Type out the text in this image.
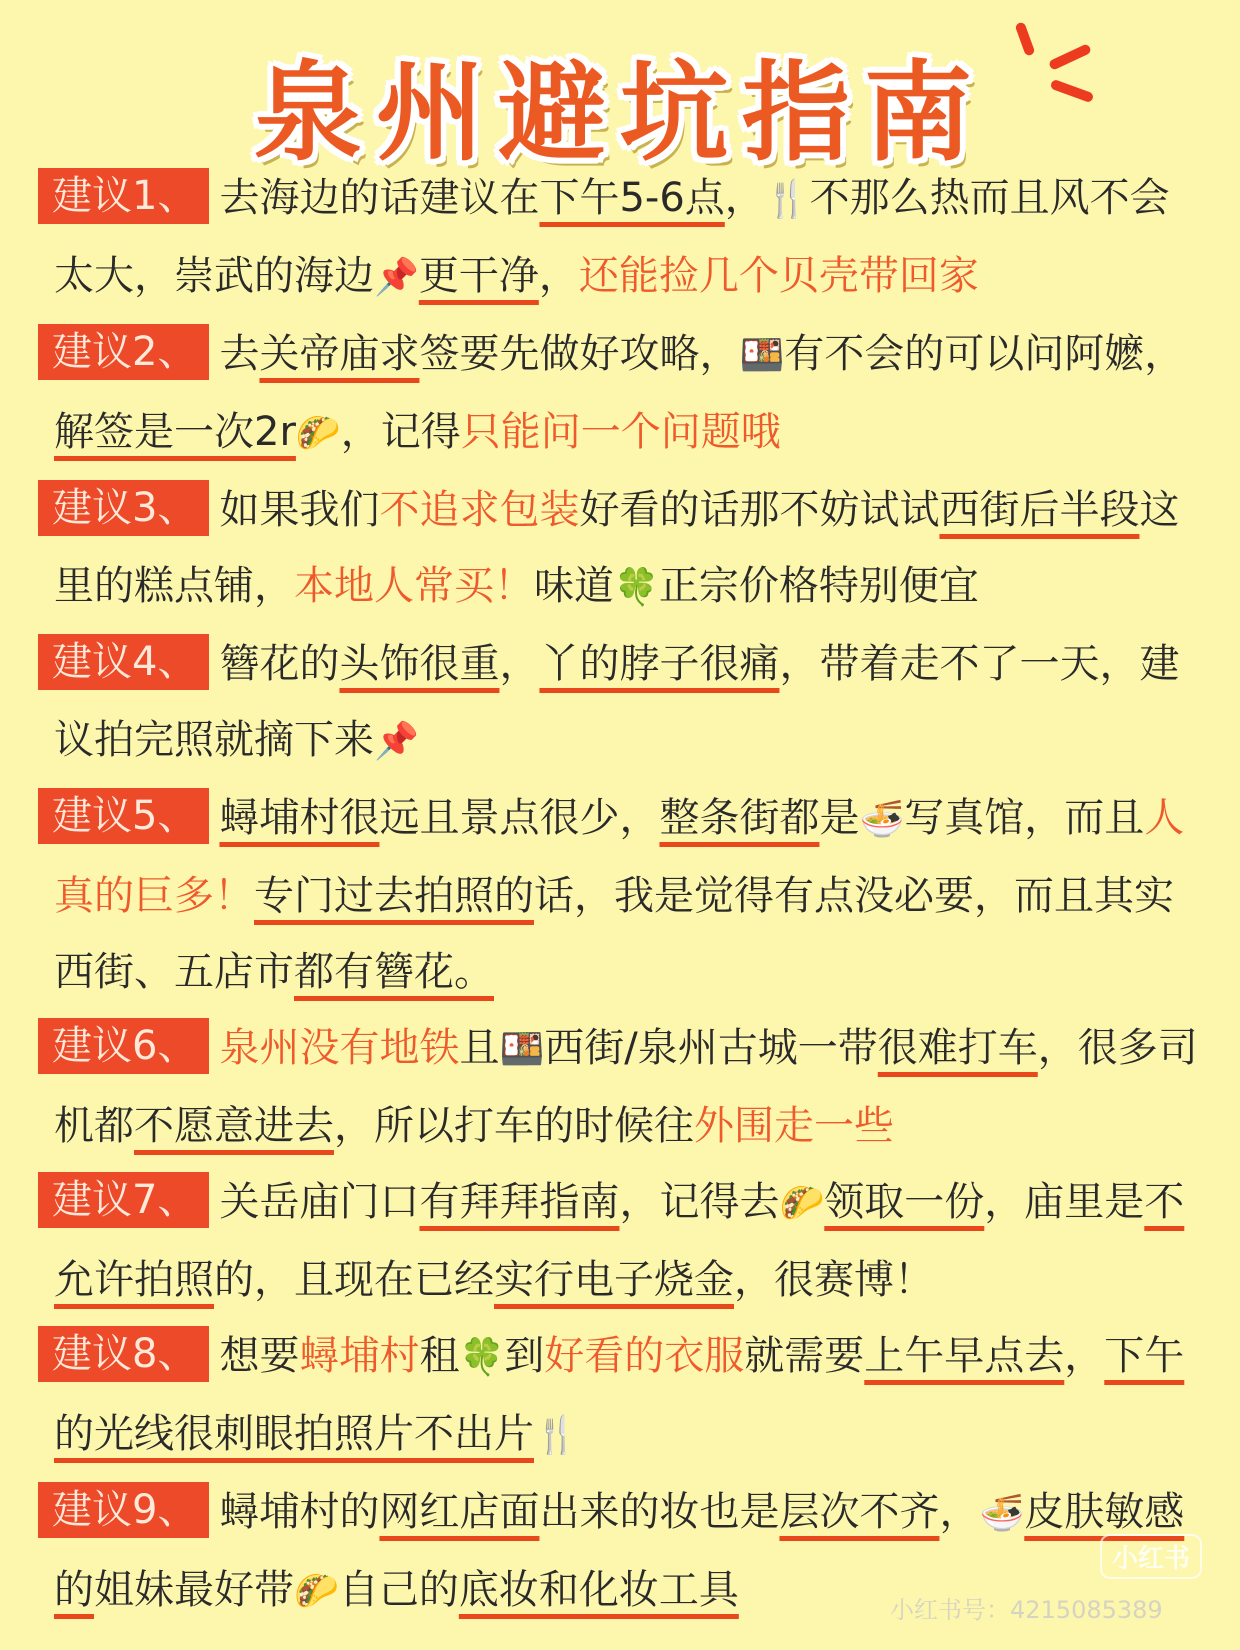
泉州避坑指南
建议1、 去海边的话建议在下午5-6点，🍴不那么热而且风不会太大，崇武的海边📌更干净，还能捡几个贝壳带回家
建议2、 去关帝庙求签要先做好攻略，🍱有不会的可以问阿嬷，解签是一次2r🌮，记得只能问一个问题哦
建议3、 如果我们不追求包装好看的话那不妨试试西街后半段这里的糕点铺，本地人常买！味道🍀正宗价格特别便宜
建议4、 簪花的头饰很重，丫的脖子很痛，带着走不了一天，建议拍完照就摘下来📌
建议5、 蟳埔村很远且景点很少，整条街都是🍜写真馆，而且人真的巨多！专门过去拍照的话，我是觉得有点没必要，而且其实西街、五店市都有簪花。
建议6、 泉州没有地铁且🍱西街/泉州古城一带很难打车，很多司机都不愿意进去，所以打车的时候往外围走一些
建议7、 关岳庙门口有拜拜指南，记得去🌮领取一份，庙里是不允许拍照的，且现在已经实行电子烧金，很赛博！
建议8、 想要蟳埔村租🍀到好看的衣服就需要上午早点去，下午的光线很刺眼拍照片不出片🍴
建议9、 蟳埔村的网红店面出来的妆也是层次不齐，🍜皮肤敏感的姐妹最好带🌮自己的底妆和化妆工具
小红书
小红书号：4215085389
